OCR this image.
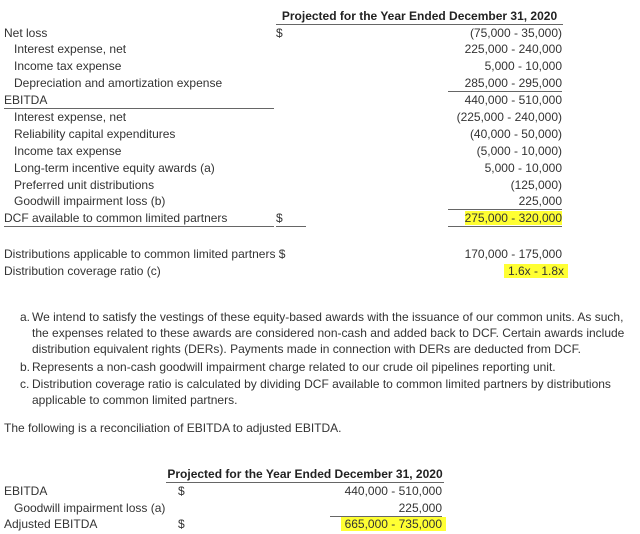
Projected for the Year Ended December 31, 2020
Net loss	$	(75,000 - 35,000)
Interest expense, net	225,000 - 240,000
Income tax expense	5,000 - 10,000
Depreciation and amortization expense	285,000 - 295,000
EBITDA	440,000 - 510,000
Interest expense, net	(225,000 - 240,000)
Reliability capital expenditures	(40,000 - 50,000)
Income tax expense	(5,000 - 10,000)
Long-term incentive equity awards (a)	5,000 - 10,000
Preferred unit distributions	(125,000)
Goodwill impairment loss (b)	225,000
DCF available to common limited partners	$	275,000 - 320,000
Distributions applicable to common limited partners $	170,000 - 175,000
Distribution coverage ratio (c)	1.6x - 1.8x
a. We intend to satisfy the vestings of these equity-based awards with the issuance of our common units. As such, the expenses related to these awards are considered non-cash and added back to DCF. Certain awards include distribution equivalent rights (DERs). Payments made in connection with DERs are deducted from DCF.
b. Represents a non-cash goodwill impairment charge related to our crude oil pipelines reporting unit.
c. Distribution coverage ratio is calculated by dividing DCF available to common limited partners by distributions applicable to common limited partners.
The following is a reconciliation of EBITDA to adjusted EBITDA.
Projected for the Year Ended December 31, 2020
EBITDA	$	440,000 - 510,000
Goodwill impairment loss (a)	225,000
Adjusted EBITDA	$	665,000 - 735,000
